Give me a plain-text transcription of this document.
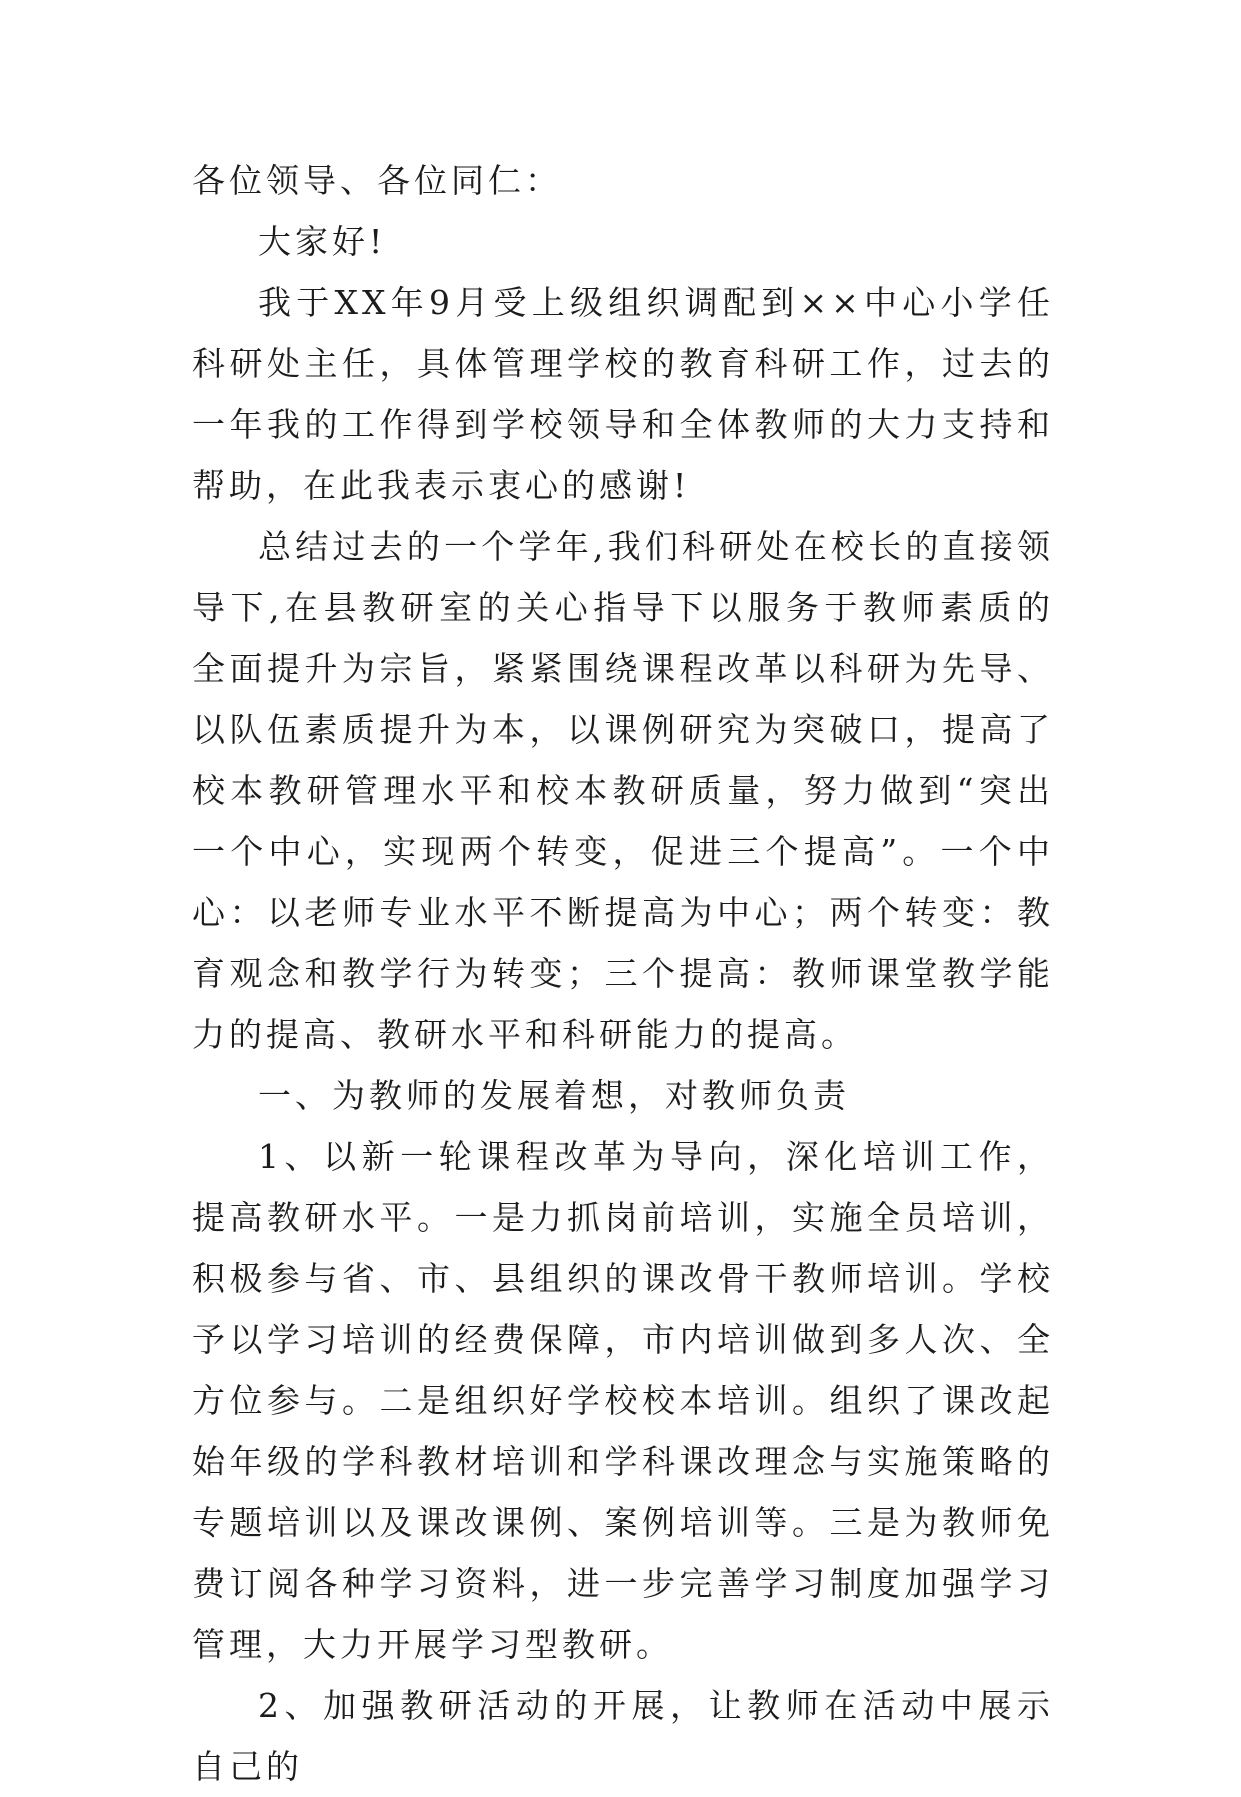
各位领导、各位同仁：

大家好!

我于XX年9月受上级组织调配到××中心小学任科研处主任，具体管理学校的教育科研工作，过去的一年我的工作得到学校领导和全体教师的大力支持和帮助，在此我表示衷心的感谢!

总结过去的一个学年,我们科研处在校长的直接领导下,在县教研室的关心指导下以服务于教师素质的全面提升为宗旨，紧紧围绕课程改革以科研为先导、以队伍素质提升为本，以课例研究为突破口，提高了校本教研管理水平和校本教研质量，努力做到“突出一个中心，实现两个转变，促进三个提高”。一个中心：以老师专业水平不断提高为中心；两个转变：教育观念和教学行为转变；三个提高：教师课堂教学能力的提高、教研水平和科研能力的提高。

一、为教师的发展着想，对教师负责

1、以新一轮课程改革为导向，深化培训工作，提高教研水平。一是力抓岗前培训，实施全员培训，积极参与省、市、县组织的课改骨干教师培训。学校予以学习培训的经费保障，市内培训做到多人次、全方位参与。二是组织好学校校本培训。组织了课改起始年级的学科教材培训和学科课改理念与实施策略的专题培训以及课改课例、案例培训等。三是为教师免费订阅各种学习资料，进一步完善学习制度加强学习管理，大力开展学习型教研。

2、加强教研活动的开展，让教师在活动中展示自己的
